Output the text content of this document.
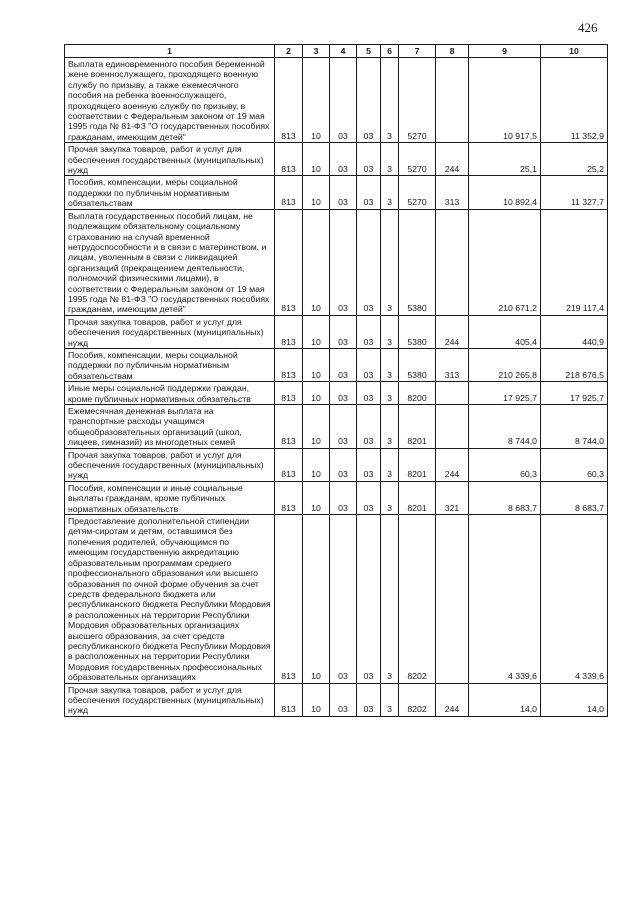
426
1	2	3	4	5	6	7	8	9	10
Выплата единовременного пособия беременной жене военнослужащего, проходящего военную службу по призыву, а также ежемесячного пособия на ребенка военнослужащего, проходящего военную службу по призыву, в соответствии с Федеральным законом от 19 мая 1995 года № 81-ФЗ "О государственных пособиях гражданам, имеющим детей"	813	10	03	03	3	5270		10 917,5	11 352,9
Прочая закупка товаров, работ и услуг для обеспечения государственных (муниципальных) нужд	813	10	03	03	3	5270	244	25,1	25,2
Пособия, компенсации, меры социальной поддержки по публичным нормативным обязательствам	813	10	03	03	3	5270	313	10 892,4	11 327,7
Выплата государственных пособий лицам, не подлежащим обязательному социальному страхованию на случай временной нетрудоспособности и в связи с материнством, и лицам, уволенным в связи с ликвидацией организаций (прекращением деятельности, полномочий физическими лицами), в соответствии с Федеральным законом от 19 мая 1995 года № 81-ФЗ "О государственных пособиях гражданам, имеющим детей"	813	10	03	03	3	5380		210 671,2	219 117,4
Прочая закупка товаров, работ и услуг для обеспечения государственных (муниципальных) нужд	813	10	03	03	3	5380	244	405,4	440,9
Пособия, компенсации, меры социальной поддержки по публичным нормативным обязательствам	813	10	03	03	3	5380	313	210 265,8	218 676,5
Иные меры социальной поддержки граждан, кроме публичных нормативных обязательств	813	10	03	03	3	8200		17 925,7	17 925,7
Ежемесячная денежная выплата на транспортные расходы учащимся общеобразовательных организаций (школ, лицеев, гимназий) из многодетных семей	813	10	03	03	3	8201		8 744,0	8 744,0
Прочая закупка товаров, работ и услуг для обеспечения государственных (муниципальных) нужд	813	10	03	03	3	8201	244	60,3	60,3
Пособия, компенсации и иные социальные выплаты гражданам, кроме публичных нормативных обязательств	813	10	03	03	3	8201	321	8 683,7	8 683,7
Предоставление дополнительной стипендии детям-сиротам и детям, оставшимся без попечения родителей, обучающимся по имеющим государственную аккредитацию образовательным программам среднего профессионального образования или высшего образования по очной форме обучения за счет средств федерального бюджета или республиканского бюджета Республики Мордовия в расположенных на территории Республики Мордовия образовательных организациях высшего образования, за счет средств республиканского бюджета Республики Мордовия в расположенных на территории Республики Мордовия государственных профессиональных образовательных организациях	813	10	03	03	3	8202		4 339,6	4 339,6
Прочая закупка товаров, работ и услуг для обеспечения государственных (муниципальных) нужд	813	10	03	03	3	8202	244	14,0	14,0
